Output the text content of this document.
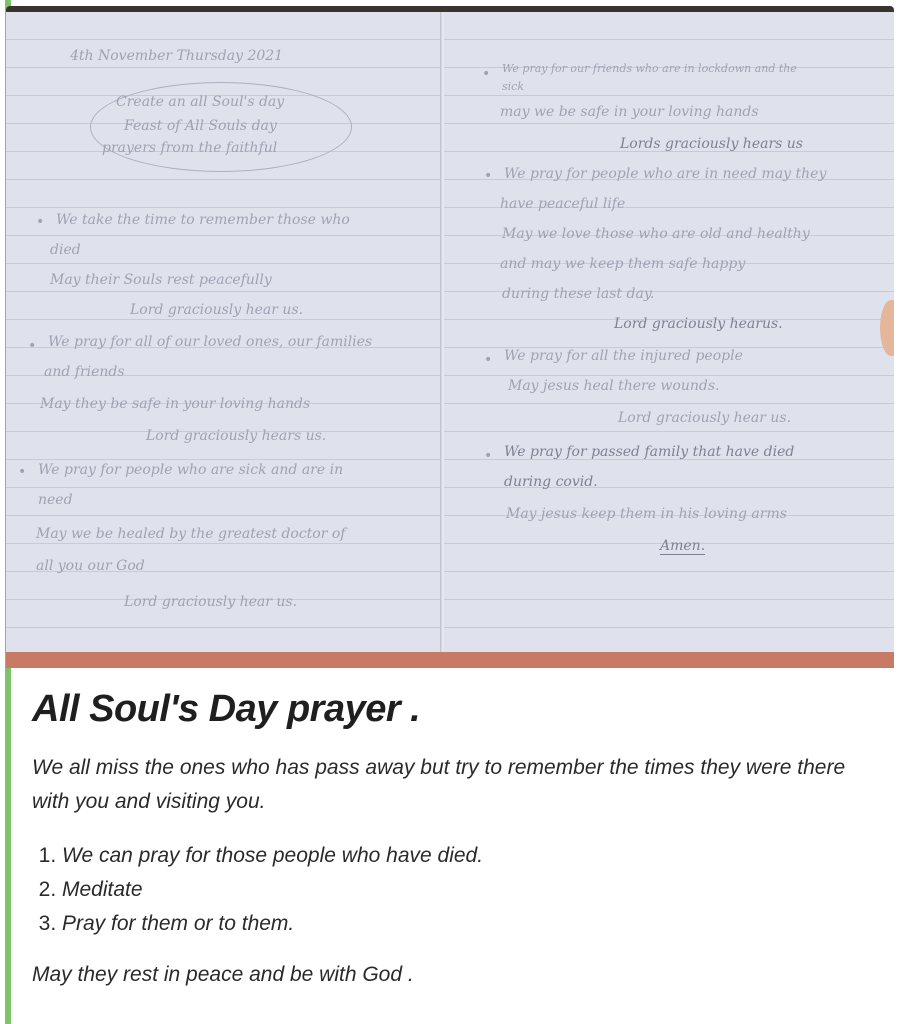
4th November Thursday 2021
Create an all Soul's day
Feast of All Souls day
prayers from the faithful
• We take the time to remember those who
died
May their Souls rest peacefully
Lord graciously hear us.
• We pray for all of our loved ones, our families
and friends
May they be safe in your loving hands
Lord graciously hears us.
• We pray for people who are sick and are in
need
May we be healed by the greatest doctor of
all you our God
Lord graciously hear us.
• We pray for our friends who are in lockdown and the
sick
may we be safe in your loving hands
Lords graciously hears us
• We pray for people who are in need may they
have peaceful life
May we love those who are old and healthy
and may we keep them safe happy
during these last day.
Lord graciously hearus.
• We pray for all the injured people
May jesus heal there wounds.
Lord graciously hear us.
• We pray for passed family that have died
during covid.
May jesus keep them in his loving arms
Amen.
All Soul's Day prayer .

We all miss the ones who has pass away but try to remember the times they were there with you and visiting you.

1. We can pray for those people who have died.
2. Meditate
3. Pray for them or to them.

May they rest in peace and be with God .
